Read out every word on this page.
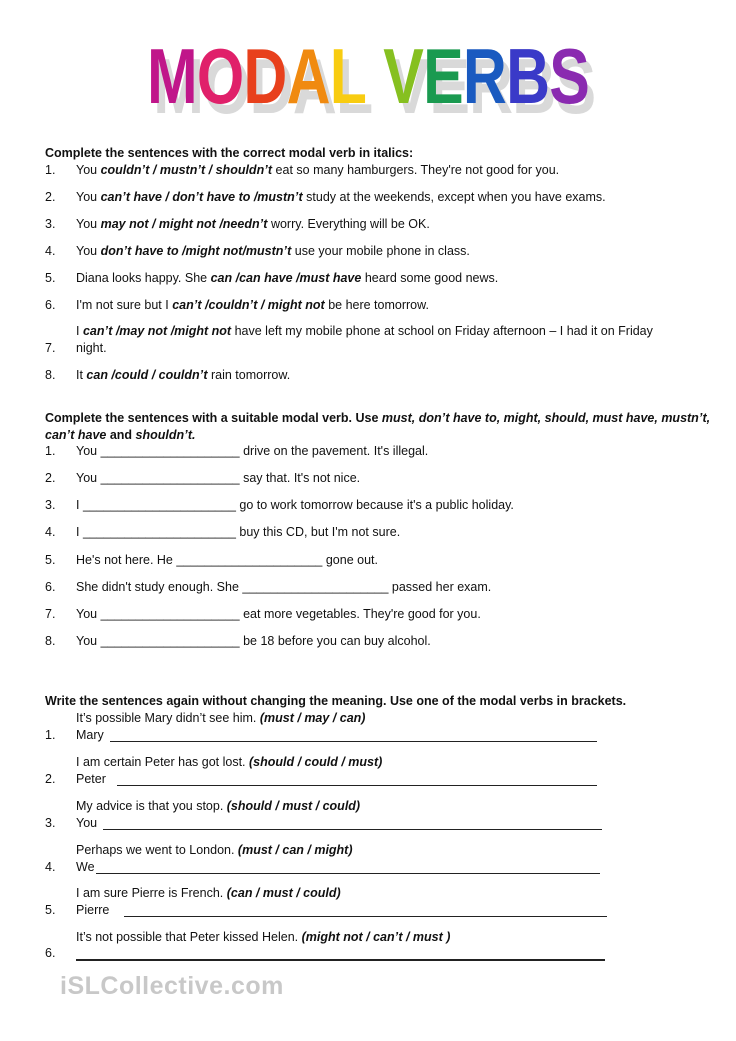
MODAL VERBS
Complete the sentences with the correct modal verb in italics:
1. You couldn’t / mustn’t / shouldn’t eat so many hamburgers. They're not good for you.
2. You can’t have / don’t have to /mustn’t study at the weekends, except when you have exams.
3. You may not / might not /needn’t worry. Everything will be OK.
4. You don’t have to /might not/mustn’t use your mobile phone in class.
5. Diana looks happy. She can /can have /must have heard some good news.
6. I'm not sure but I can’t /couldn’t / might not be here tomorrow.
7.
I can’t /may not /might not have left my mobile phone at school on Friday afternoon – I had it on Friday
night.
8. It can /could / couldn’t rain tomorrow.
Complete the sentences with a suitable modal verb. Use must, don’t have to, might, should, must have, mustn’t,
can’t have and shouldn’t.
1. You ____________________ drive on the pavement. It's illegal.
2. You ____________________ say that. It's not nice.
3. I ______________________ go to work tomorrow because it's a public holiday.
4. I ______________________ buy this CD, but I'm not sure.
5. He's not here. He _____________________ gone out.
6. She didn't study enough. She _____________________ passed her exam.
7. You ____________________ eat more vegetables. They're good for you.
8. You ____________________ be 18 before you can buy alcohol.
Write the sentences again without changing the meaning. Use one of the modal verbs in brackets.
It’s possible Mary didn’t see him. (must / may / can)
1. Mary
I am certain Peter has got lost. (should / could / must)
2. Peter
My advice is that you stop. (should / must / could)
3. You
Perhaps we went to London. (must / can / might)
4. We
I am sure Pierre is French. (can / must / could)
5. Pierre
It’s not possible that Peter kissed Helen. (might not / can’t / must )
6.
iSLCollective.com
